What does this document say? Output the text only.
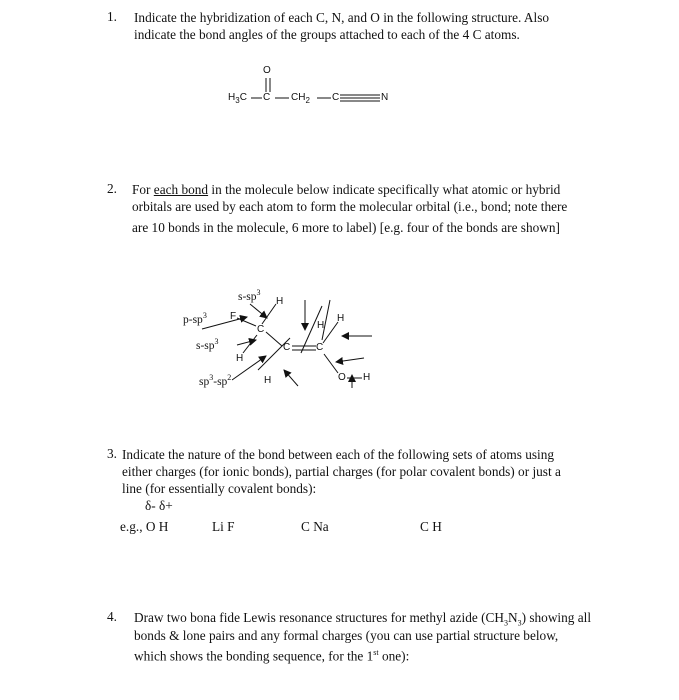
1. Indicate the hybridization of each C, N, and O in the following structure. Also
indicate the bond angles of the groups attached to each of the 4 C atoms.
O
$H_3C$ C $CH_2$ C	N
2. For each bond in the molecule below indicate specifically what atomic or hybrid
orbitals are used by each atom to form the molecular orbital (i.e., bond; note there
are 10 bonds in the molecule, 6 more to label) [e.g. four of the bonds are shown]
$s-sp^3$
$p-sp^3$
$s-sp^3$
$sp^3-sp^2$
F
C
C	C
O
H
H
H
H
H
H
3. Indicate the nature of the bond between each of the following sets of atoms using
either charges (for ionic bonds), partial charges (for polar covalent bonds) or just a
line (for essentially covalent bonds):
δ- δ+
e.g., O H	Li F	C Na	C H
4. Draw two bona fide Lewis resonance structures for methyl azide $(CH_3N_3)$ showing all
bonds & lone pairs and any formal charges (you can use partial structure below,
which shows the bonding sequence, for the 1st one):
